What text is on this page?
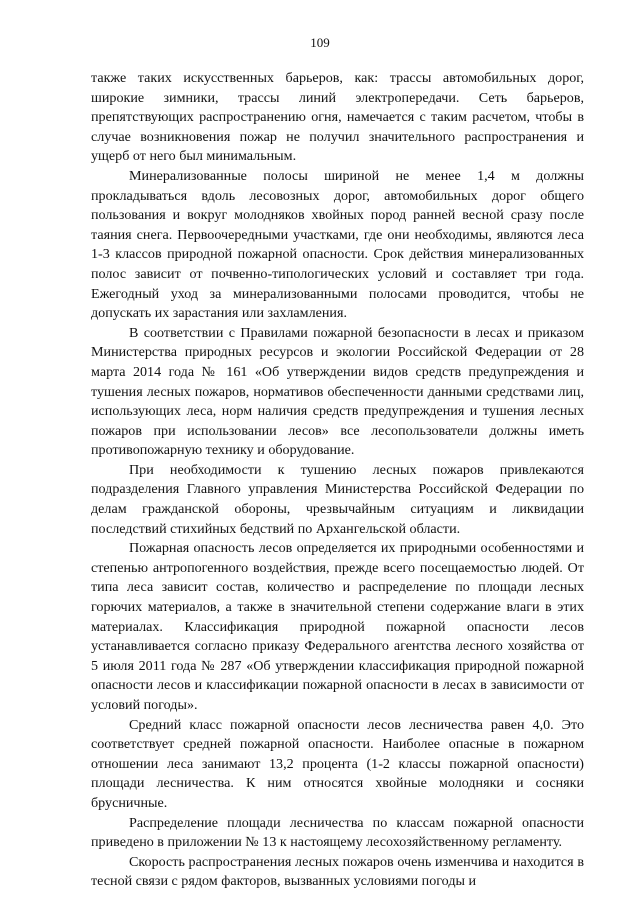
109

также таких искусственных барьеров, как: трассы автомобильных дорог, широкие зимники, трассы линий электропередачи. Сеть барьеров, препятствующих распространению огня, намечается с таким расчетом, чтобы в случае возникновения пожар не получил значительного распространения и ущерб от него был минимальным.

Минерализованные полосы шириной не менее 1,4 м должны прокладываться вдоль лесовозных дорог, автомобильных дорог общего пользования и вокруг молодняков хвойных пород ранней весной сразу после таяния снега. Первоочередными участками, где они необходимы, являются леса 1-3 классов природной пожарной опасности. Срок действия минерализованных полос зависит от почвенно-типологических условий и составляет три года. Ежегодный уход за минерализованными полосами проводится, чтобы не допускать их зарастания или захламления.

В соответствии с Правилами пожарной безопасности в лесах и приказом Министерства природных ресурсов и экологии Российской Федерации от 28 марта 2014 года № 161 «Об утверждении видов средств предупреждения и тушения лесных пожаров, нормативов обеспеченности данными средствами лиц, использующих леса, норм наличия средств предупреждения и тушения лесных пожаров при использовании лесов» все лесопользователи должны иметь противопожарную технику и оборудование.

При необходимости к тушению лесных пожаров привлекаются подразделения Главного управления Министерства Российской Федерации по делам гражданской обороны, чрезвычайным ситуациям и ликвидации последствий стихийных бедствий по Архангельской области.

Пожарная опасность лесов определяется их природными особенностями и степенью антропогенного воздействия, прежде всего посещаемостью людей. От типа леса зависит состав, количество и распределение по площади лесных горючих материалов, а также в значительной степени содержание влаги в этих материалах. Классификация природной пожарной опасности лесов устанавливается согласно приказу Федерального агентства лесного хозяйства от 5 июля 2011 года № 287 «Об утверждении классификация природной пожарной опасности лесов и классификации пожарной опасности в лесах в зависимости от условий погоды».

Средний класс пожарной опасности лесов лесничества равен 4,0. Это соответствует средней пожарной опасности. Наиболее опасные в пожарном отношении леса занимают 13,2 процента (1-2 классы пожарной опасности) площади лесничества. К ним относятся хвойные молодняки и сосняки брусничные.

Распределение площади лесничества по классам пожарной опасности приведено в приложении № 13 к настоящему лесохозяйственному регламенту.

Скорость распространения лесных пожаров очень изменчива и находится в тесной связи с рядом факторов, вызванных условиями погоды и
